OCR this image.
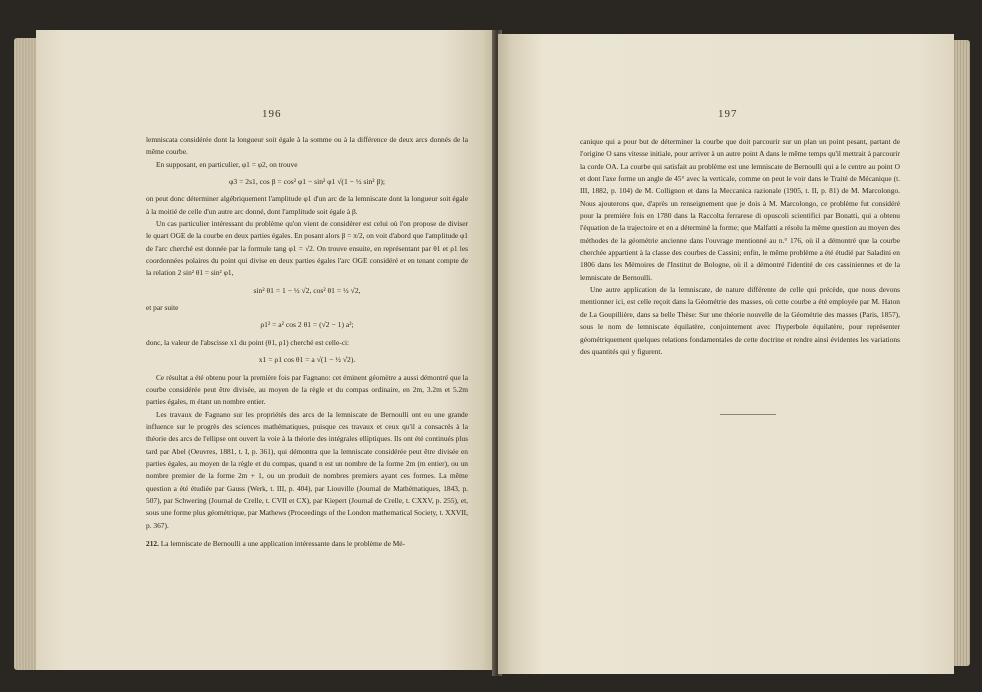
196

lemniscata considérée dont la longueur soit égale à la somme ou à la différence de deux arcs donnés de la même courbe.

En supposant, en particulier, φ1 = φ2, on trouve

φ3 = 2s1, cos β = cos² φ1 − sin² φ1 √(1 − ½ sin² β);

on peut donc déterminer algébriquement l'amplitude φ1 d'un arc de la lemniscate dont la longueur soit égale à la moitié de celle d'un autre arc donné, dont l'amplitude soit égale à β.

Un cas particulier intéressant du problème qu'on vient de considérer est celui où l'on propose de diviser le quart OGE de la courbe en deux parties égales. En posant alors β = π/2, on voit d'abord que l'amplitude φ1 de l'arc cherché est donnée par la formule tang φ1 = √2. On trouve ensuite, en représentant par θ1 et ρ1 les coordonnées polaires du point qui divise en deux parties égales l'arc OGE considéré et en tenant compte de la relation 2 sin² θ1 = sin² φ1,

sin² θ1 = 1 − ½ √2, cos² θ1 = ½ √2,

et par suite

ρ1² = a² cos 2 θ1 = (√2 − 1) a²;

donc, la valeur de l'abscisse x1 du point (θ1, ρ1) cherché est celle-ci:

x1 = ρ1 cos θ1 = a √(1 − ½ √2).

Ce résultat a été obtenu pour la première fois par Fagnano: cet éminent géomètre a aussi démontré que la courbe considérée peut être divisée, au moyen de la règle et du compas ordinaire, en 2m, 3.2m et 5.2m parties égales, m étant un nombre entier.

Les travaux de Fagnano sur les propriétés des arcs de la lemniscate de Bernoulli ont eu une grande influence sur le progrès des sciences mathématiques, puisque ces travaux et ceux qu'il a consacrés à la théorie des arcs de l'ellipse ont ouvert la voie à la théorie des intégrales elliptiques. Ils ont été continués plus tard par Abel (Oeuvres, 1881, t. I, p. 361), qui démontra que la lemniscate considérée peut être divisée en parties égales, au moyen de la règle et du compas, quand n est un nombre de la forme 2m (m entier), ou un nombre premier de la forme 2m + 1, ou un produit de nombres premiers ayant ces formes. La même question a été étudiée par Gauss (Werk, t. III, p. 404), par Liouville (Journal de Mathématiques, 1843, p. 507), par Schwering (Journal de Crelle, t. CVII et CX), par Kiepert (Journal de Crelle, t. CXXV, p. 255), et, sous une forme plus géométrique, par Mathews (Proceedings of the London mathematical Society, t. XXVII, p. 367).

212. La lemniscate de Bernoulli a une application intéressante dans le problème de Mé-

197

canique qui a pour but de déterminer la courbe que doit parcourir sur un plan un point pesant, partant de l'origine O sans vitesse initiale, pour arriver à un autre point A dans le même temps qu'il mettrait à parcourir la corde OA. La courbe qui satisfait au problème est une lemniscate de Bernoulli qui a le centre au point O et dont l'axe forme un angle de 45° avec la verticale, comme on peut le voir dans le Traité de Mécanique (t. III, 1882, p. 104) de M. Collignon et dans la Meccanica razionale (1905, t. II, p. 81) de M. Marcolongo. Nous ajouterons que, d'après un renseignement que je dois à M. Marcolongo, ce problème fut considéré pour la première fois en 1780 dans la Raccolta ferrarese di opuscoli scientifici par Bonatti, qui a obtenu l'équation de la trajectoire et en a déterminé la forme; que Malfatti a résolu la même question au moyen des méthodes de la géométrie ancienne dans l'ouvrage mentionné au n.° 176, où il a démontré que la courbe cherchée appartient à la classe des courbes de Cassini; enfin, le même problème a été étudié par Saladini en 1806 dans les Mémoires de l'Institut de Bologne, où il a démontré l'identité de ces cassiniennes et de la lemniscate de Bernoulli.

Une autre application de la lemniscate, de nature différente de celle qui précède, que nous devons mentionner ici, est celle reçoit dans la Géométrie des masses, où cette courbe a été employée par M. Haton de La Goupillière, dans sa belle Thèse: Sur une théorie nouvelle de la Géométrie des masses (Paris, 1857), sous le nom de lemniscate équilatère, conjointement avec l'hyperbole équilatère, pour représenter géométriquement quelques relations fondamentales de cette doctrine et rendre ainsi évidentes les variations des quantités qui y figurent.
